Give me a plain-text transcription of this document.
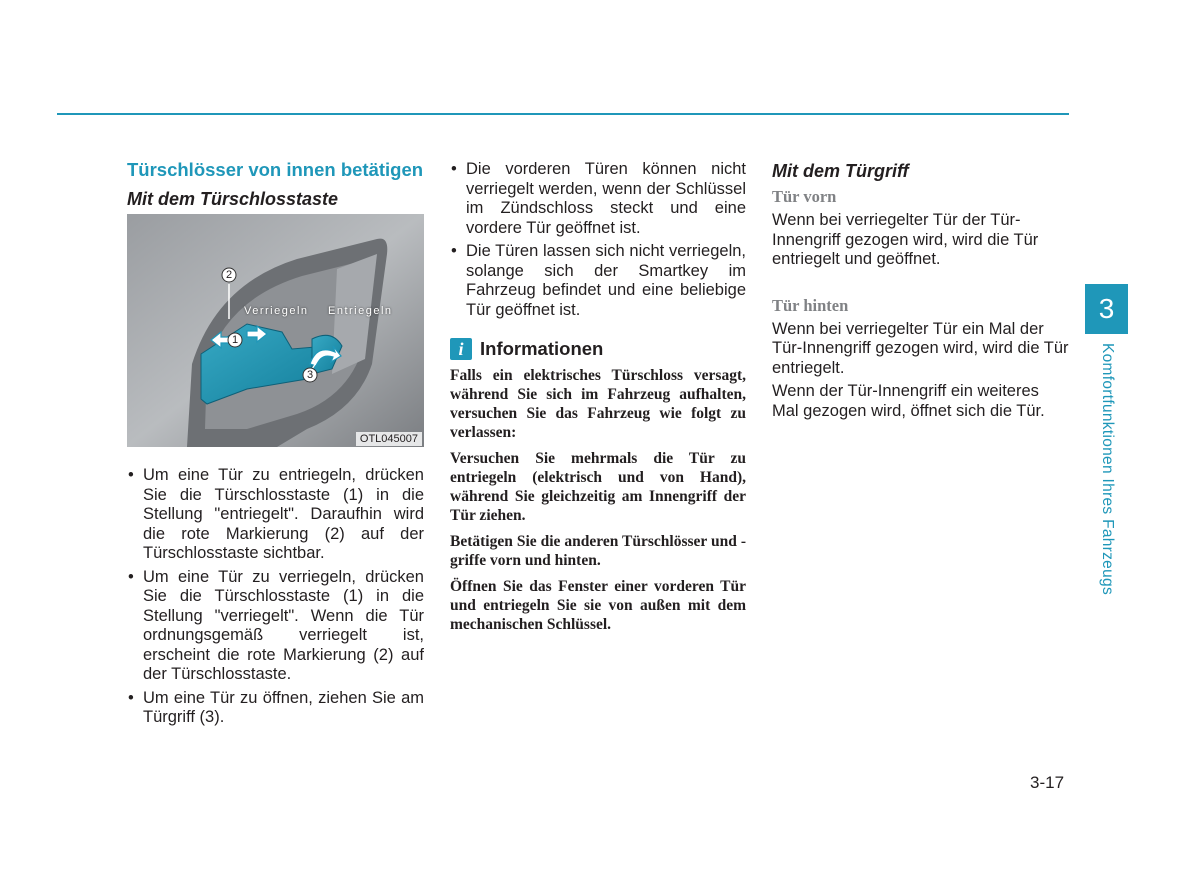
Türschlösser von innen betätigen
Mit dem Türschlosstaste
Verriegeln Entriegeln
2
1
3
OTL045007
• Um eine Tür zu entriegeln, drücken Sie die Türschlosstaste (1) in die Stellung "entriegelt". Daraufhin wird die rote Markierung (2) auf der Türschlosstaste sichtbar.
• Um eine Tür zu verriegeln, drücken Sie die Türschlosstaste (1) in die Stellung "verriegelt". Wenn die Tür ordnungsgemäß verriegelt ist, erscheint die rote Markierung (2) auf der Türschlosstaste.
• Um eine Tür zu öffnen, ziehen Sie am Türgriff (3).
• Die vorderen Türen können nicht verriegelt werden, wenn der Schlüssel im Zündschloss steckt und eine vordere Tür geöffnet ist.
• Die Türen lassen sich nicht verriegeln, solange sich der Smartkey im Fahrzeug befindet und eine beliebige Tür geöffnet ist.
i Informationen

Falls ein elektrisches Türschloss versagt, während Sie sich im Fahrzeug aufhalten, versuchen Sie das Fahrzeug wie folgt zu verlassen:

Versuchen Sie mehrmals die Tür zu entriegeln (elektrisch und von Hand), während Sie gleichzeitig am Innengriff der Tür ziehen.

Betätigen Sie die anderen Türschlösser und -griffe vorn und hinten.

Öffnen Sie das Fenster einer vorderen Tür und entriegeln Sie sie von außen mit dem mechanischen Schlüssel.

Mit dem Türgriff
Tür vorn

Wenn bei verriegelter Tür der Tür-Innengriff gezogen wird, wird die Tür entriegelt und geöffnet.

Tür hinten

Wenn bei verriegelter Tür ein Mal der Tür-Innengriff gezogen wird, wird die Tür entriegelt.

Wenn der Tür-Innengriff ein weiteres Mal gezogen wird, öffnet sich die Tür.

3
Komfortfunktionen Ihres Fahrzeugs
3-17
